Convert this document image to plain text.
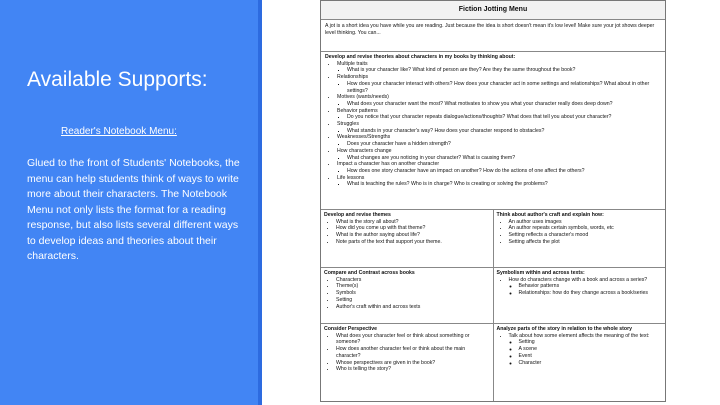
Available Supports:
Reader's Notebook Menu:

Glued to the front of Students' Notebooks, the menu can help students think of ways to write more about their characters. The Notebook Menu not only lists the format for a reading response, but also lists several different ways to develop ideas and theories about their characters.

Fiction Jotting Menu
A jot is a short idea you have while you are reading. Just because the idea is short doesn't mean it's low level! Make sure your jot shows deeper level thinking. You can...
Develop and revise theories about characters in my books by thinking about:
• Multiple traits
▪ What is your character like? What kind of person are they? Are they the same throughout the book?
• Relationships
▪ How does your character interact with others? How does your character act in some settings and relationships? What about in other settings?
• Motives (wants/needs)
▪ What does your character want the most? What motivates to show you what your character really does deep down?
• Behavior patterns
▪ Do you notice that your character repeats dialogue/actions/thoughts? What does that tell you about your character?
• Struggles
▪ What stands in your character's way? How does your character respond to obstacles?
• Weaknesses/Strengths
▪ Does your character have a hidden strength?
• How characters change
▪ What changes are you noticing in your character? What is causing them?
• Impact a character has on another character
▪ How does one story character have an impact on another? How do the actions of one affect the others?
• Life lessons
▪ What is teaching the rules? Who is in charge? Who is creating or solving the problems?
Develop and revise themes
• What is the story all about?
• How did you come up with that theme?
• What is the author saying about life?
• Note parts of the text that support your theme.
Think about author's craft and explain how:
• An author uses images
• An author repeats certain symbols, words, etc
• Setting reflects a character's mood
• Setting affects the plot
Compare and Contrast across books
• Characters
• Theme(s)
• Symbols
• Setting
• Author's craft within and across texts
Symbolism within and across texts:
• How do characters change with a book and across a series?
◦ Behavior patterns
◦ Relationships: how do they change across a book/series
Consider Perspective
• What does your character feel or think about something or someone?
• How does another character feel or think about the main character?
• Whose perspectives are given in the book?
• Who is telling the story?
Analyze parts of the story in relation to the whole story
• Talk about how some element affects the meaning of the text:
◦ Setting
◦ A scene
◦ Event
◦ Character
